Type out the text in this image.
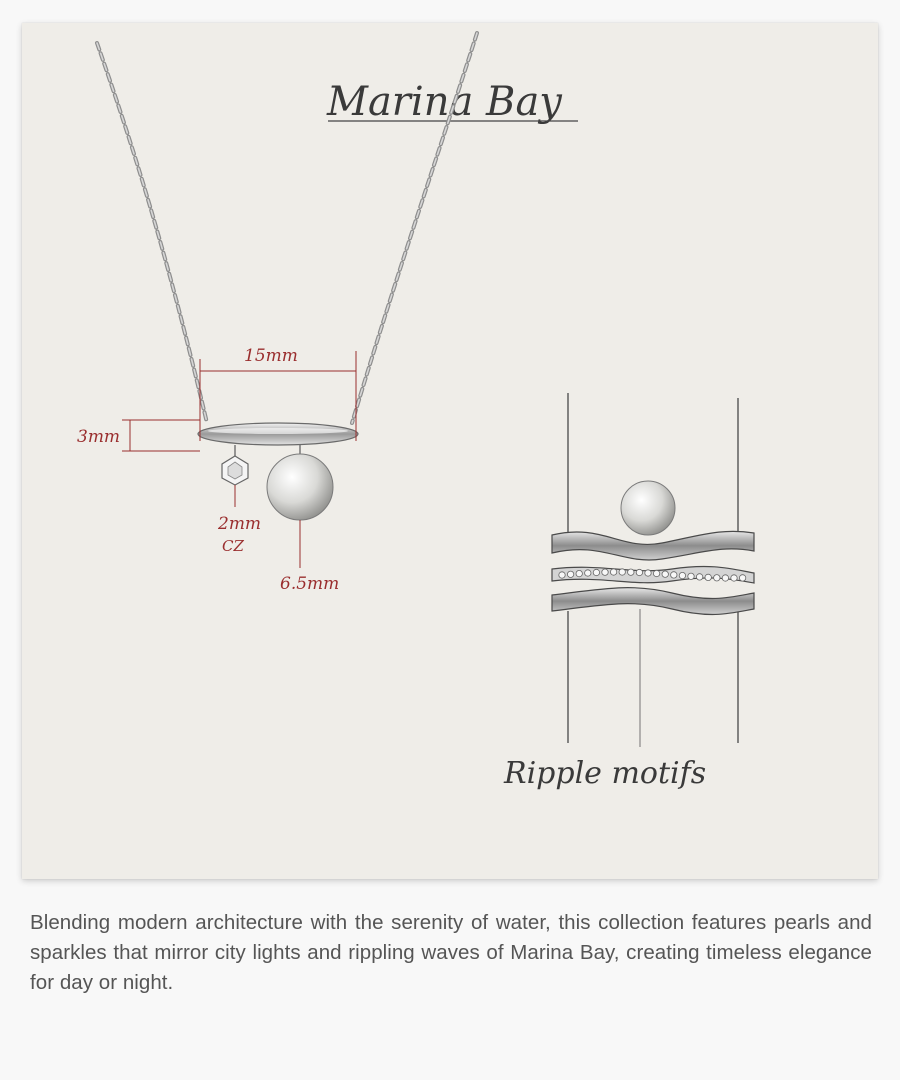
Marina Bay
15mm
3mm
2mm
CZ
6.5mm
Ripple motifs
Blending modern architecture with the serenity of water, this collection features pearls and sparkles that mirror city lights and rippling waves of Marina Bay, creating timeless elegance for day or night.
